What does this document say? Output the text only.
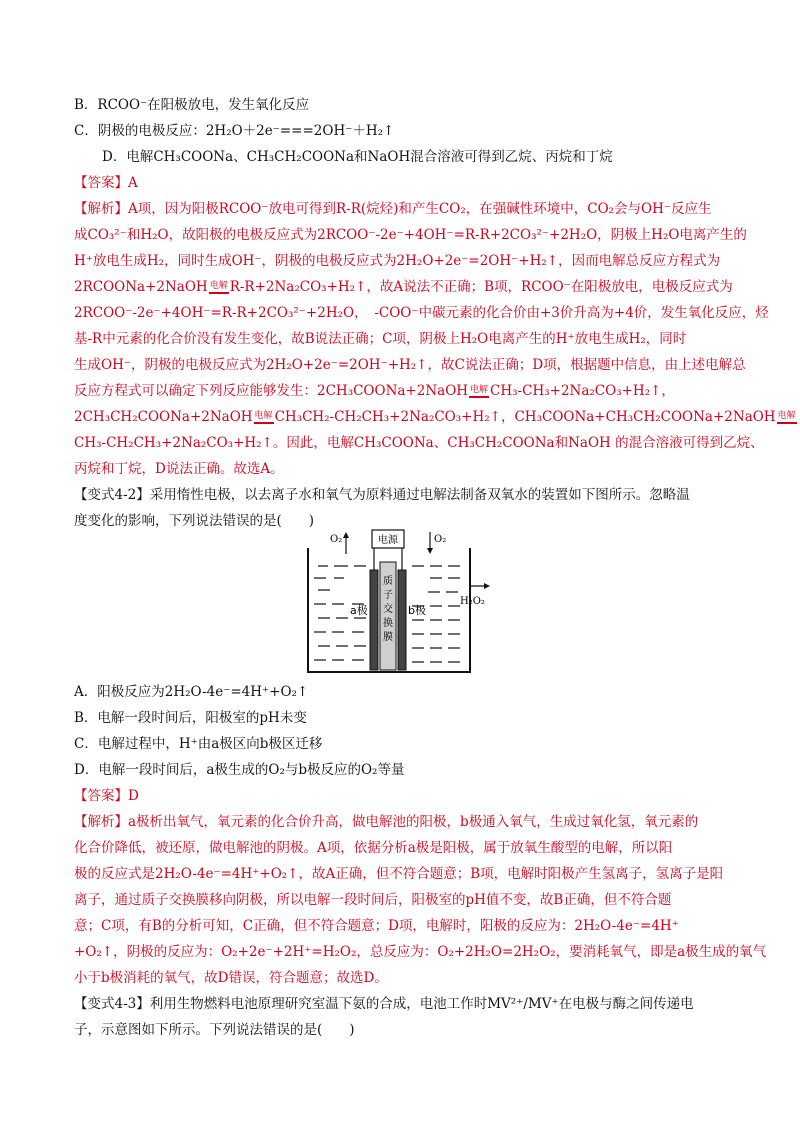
B．RCOO⁻在阳极放电，发生氧化反应
C．阴极的电极反应：2H₂O＋2e⁻===2OH⁻＋H₂↑
D．电解CH₃COONa、CH₃CH₂COONa和NaOH混合溶液可得到乙烷、丙烷和丁烷
【答案】A
【解析】A项，因为阳极RCOO⁻放电可得到R-R(烷烃)和产生CO₂，在强碱性环境中，CO₂会与OH⁻反应生
成CO₃²⁻和H₂O，故阳极的电极反应式为2RCOO⁻-2e⁻+4OH⁻=R-R+2CO₃²⁻+2H₂O，阴极上H₂O电离产生的
H⁺放电生成H₂，同时生成OH⁻，阴极的电极反应式为2H₂O+2e⁻=2OH⁻+H₂↑，因而电解总反应方程式为
2RCOONa+2NaOH 电解 R-R+2Na₂CO₃+H₂↑，故A说法不正确；B项，RCOO⁻在阳极放电，电极反应式为
2RCOO⁻-2e⁻+4OH⁻=R-R+2CO₃²⁻+2H₂O，　-COO⁻中碳元素的化合价由+3价升高为+4价，发生氧化反应，烃
基-R中元素的化合价没有发生变化，故B说法正确；C项，阴极上H₂O电离产生的H⁺放电生成H₂，同时
生成OH⁻，阴极的电极反应式为2H₂O+2e⁻=2OH⁻+H₂↑，故C说法正确；D项，根据题中信息，由上述电解总
反应方程式可以确定下列反应能够发生：2CH₃COONa+2NaOH 电解 CH₃-CH₃+2Na₂CO₃+H₂↑，
2CH₃CH₂COONa+2NaOH 电解 CH₃CH₂-CH₂CH₃+2Na₂CO₃+H₂↑，CH₃COONa+CH₃CH₂COONa+2NaOH 电解
CH₃-CH₂CH₃+2Na₂CO₃+H₂↑。因此，电解CH₃COONa、CH₃CH₂COONa和NaOH 的混合溶液可得到乙烷、
丙烷和丁烷，D说法正确。故选A。
【变式4-2】采用惰性电极，以去离子水和氧气为原料通过电解法制备双氧水的装置如下图所示。忽略温
度变化的影响，下列说法错误的是(　　)
电源
O₂	O₂
H₂O₂
a极	b极
质
子
交
换
膜
A．阳极反应为2H₂O-4e⁻=4H⁺+O₂↑
B．电解一段时间后，阳极室的pH未变
C．电解过程中，H⁺由a极区向b极区迁移
D．电解一段时间后，a极生成的O₂与b极反应的O₂等量
【答案】D
【解析】a极析出氧气，氧元素的化合价升高，做电解池的阳极，b极通入氧气，生成过氧化氢，氧元素的
化合价降低，被还原，做电解池的阴极。A项，依据分析a极是阳极，属于放氧生酸型的电解，所以阳
极的反应式是2H₂O-4e⁻=4H⁺+O₂↑，故A正确，但不符合题意；B项，电解时阳极产生氢离子，氢离子是阳
离子，通过质子交换膜移向阴极，所以电解一段时间后，阳极室的pH值不变，故B正确，但不符合题
意；C项，有B的分析可知，C正确，但不符合题意；D项，电解时，阳极的反应为：2H₂O-4e⁻=4H⁺
+O₂↑，阴极的反应为：O₂+2e⁻+2H⁺=H₂O₂，总反应为：O₂+2H₂O=2H₂O₂，要消耗氧气，即是a极生成的氧气
小于b极消耗的氧气，故D错误，符合题意；故选D。
【变式4-3】利用生物燃料电池原理研究室温下氨的合成，电池工作时MV²⁺/MV⁺在电极与酶之间传递电
子，示意图如下所示。下列说法错误的是(　　)
